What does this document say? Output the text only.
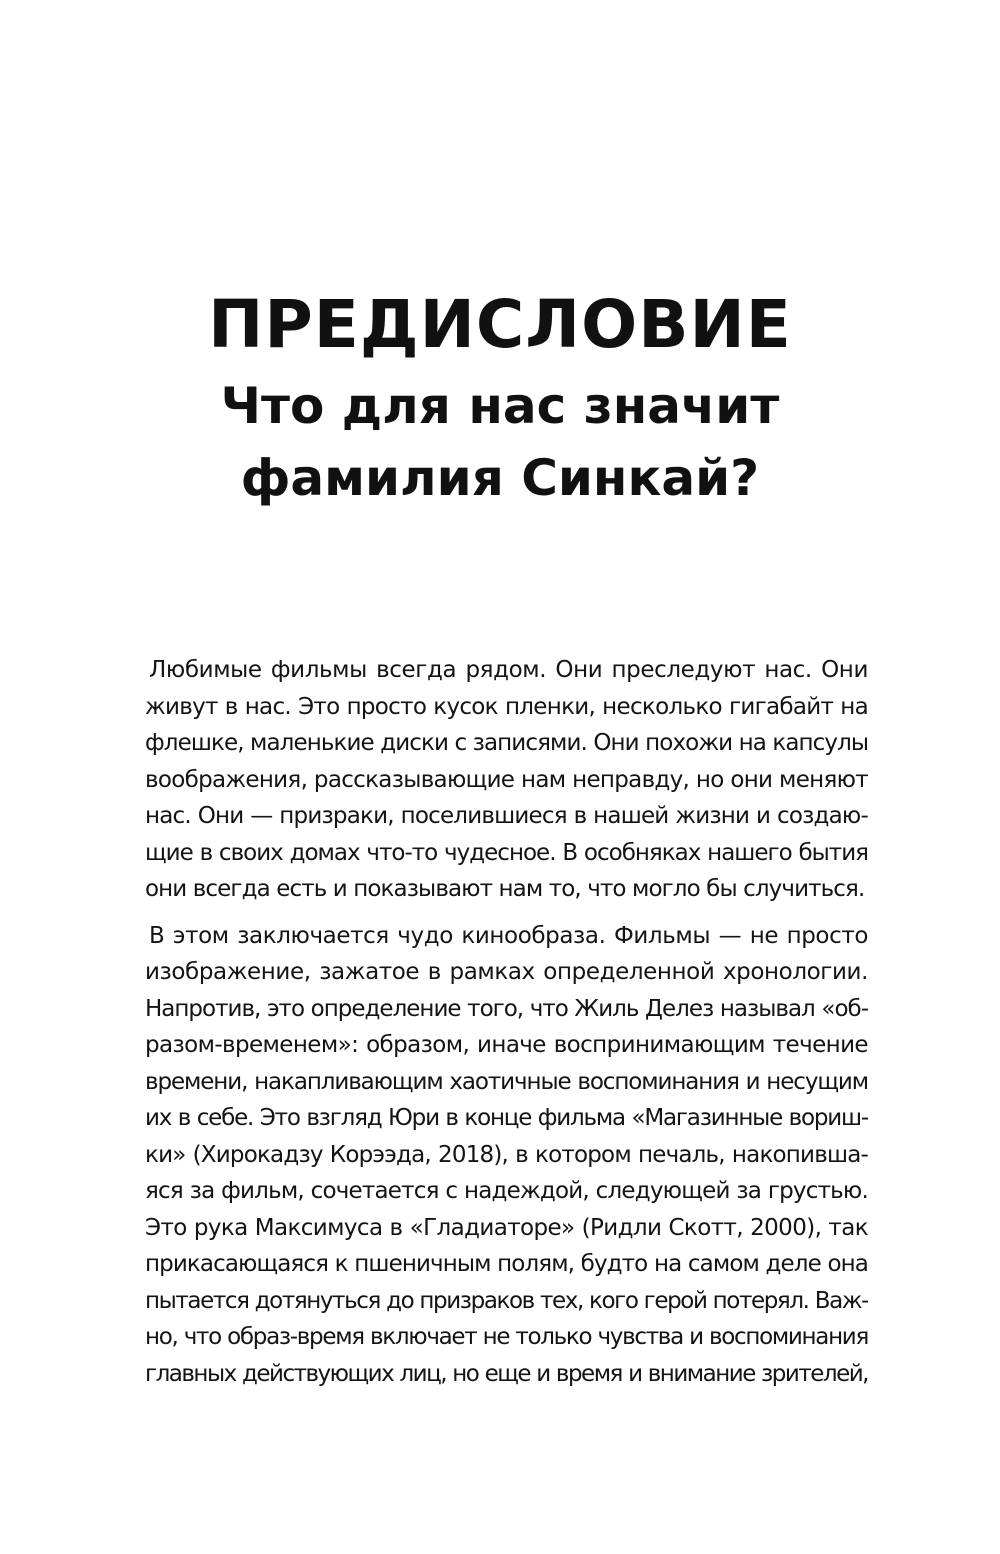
ПРЕДИСЛОВИЕ
Что для нас значит
фамилия Синкай?
Любимые фильмы всегда рядом. Они преследуют нас. Они
живут в нас. Это просто кусок пленки, несколько гигабайт на
флешке, маленькие диски с записями. Они похожи на капсулы
воображения, рассказывающие нам неправду, но они меняют
нас. Они — призраки, поселившиеся в нашей жизни и создаю-
щие в своих домах что-то чудесное. В особняках нашего бытия
они всегда есть и показывают нам то, что могло бы случиться.
В этом заключается чудо кинообраза. Фильмы — не просто
изображение, зажатое в рамках определенной хронологии.
Напротив, это определение того, что Жиль Делез называл «об-
разом-временем»: образом, иначе воспринимающим течение
времени, накапливающим хаотичные воспоминания и несущим
их в себе. Это взгляд Юри в конце фильма «Магазинные вориш-
ки» (Хирокадзу Корээда, 2018), в котором печаль, накопивша-
яся за фильм, сочетается с надеждой, следующей за грустью.
Это рука Максимуса в «Гладиаторе» (Ридли Скотт, 2000), так
прикасающаяся к пшеничным полям, будто на самом деле она
пытается дотянуться до призраков тех, кого герой потерял. Важ-
но, что образ-время включает не только чувства и воспоминания
главных действующих лиц, но еще и время и внимание зрителей,
